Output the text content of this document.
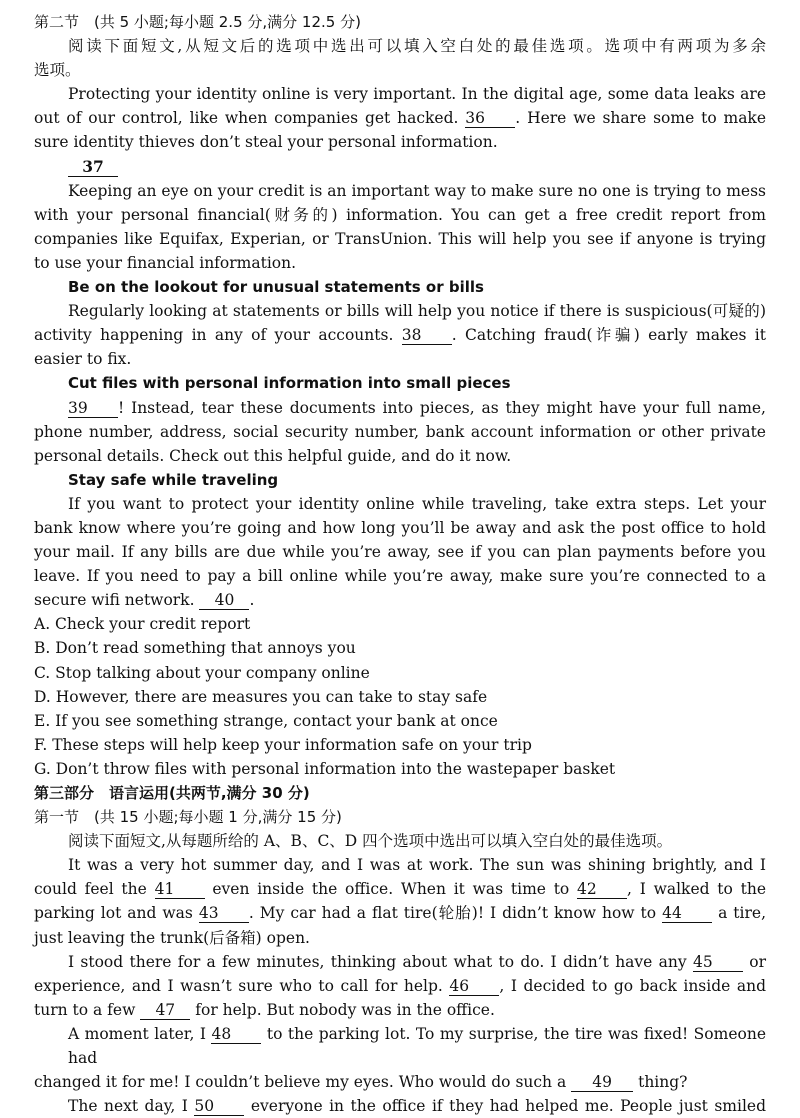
第二节　(共 5 小题;每小题 2.5 分,满分 12.5 分)
阅读下面短文,从短文后的选项中选出可以填入空白处的最佳选项。选项中有两项为多余
选项。
Protecting your identity online is very important. In the digital age, some data leaks are
out of our control, like when companies get hacked. 36 . Here we share some to make
sure identity thieves don’t steal your personal information.
37
Keeping an eye on your credit is an important way to make sure no one is trying to mess
with your personal financial(财务的) information. You can get a free credit report from
companies like Equifax, Experian, or TransUnion. This will help you see if anyone is trying
to use your financial information.
Be on the lookout for unusual statements or bills
Regularly looking at statements or bills will help you notice if there is suspicious(可疑的)
activity happening in any of your accounts. 38 . Catching fraud(诈骗) early makes it
easier to fix.
Cut files with personal information into small pieces
39 ! Instead, tear these documents into pieces, as they might have your full name,
phone number, address, social security number, bank account information or other private
personal details. Check out this helpful guide, and do it now.
Stay safe while traveling
If you want to protect your identity online while traveling, take extra steps. Let your
bank know where you’re going and how long you’ll be away and ask the post office to hold
your mail. If any bills are due while you’re away, see if you can plan payments before you
leave. If you need to pay a bill online while you’re away, make sure you’re connected to a
secure wifi network. 40 .
A. Check your credit report
B. Don’t read something that annoys you
C. Stop talking about your company online
D. However, there are measures you can take to stay safe
E. If you see something strange, contact your bank at once
F. These steps will help keep your information safe on your trip
G. Don’t throw files with personal information into the wastepaper basket
第三部分　语言运用(共两节,满分 30 分)
第一节　(共 15 小题;每小题 1 分,满分 15 分)
阅读下面短文,从每题所给的 A、B、C、D 四个选项中选出可以填入空白处的最佳选项。
It was a very hot summer day, and I was at work. The sun was shining brightly, and I
could feel the 41 even inside the office. When it was time to 42 , I walked to the
parking lot and was 43 . My car had a flat tire(轮胎)! I didn’t know how to 44 a tire,
just leaving the trunk(后备箱) open.
I stood there for a few minutes, thinking about what to do. I didn’t have any 45 or
experience, and I wasn’t sure who to call for help. 46 , I decided to go back inside and
turn to a few 47 for help. But nobody was in the office.
A moment later, I 48 to the parking lot. To my surprise, the tire was fixed! Someone had
changed it for me! I couldn’t believe my eyes. Who would do such a 49 thing?
The next day, I 50 everyone in the office if they had helped me. People just smiled
